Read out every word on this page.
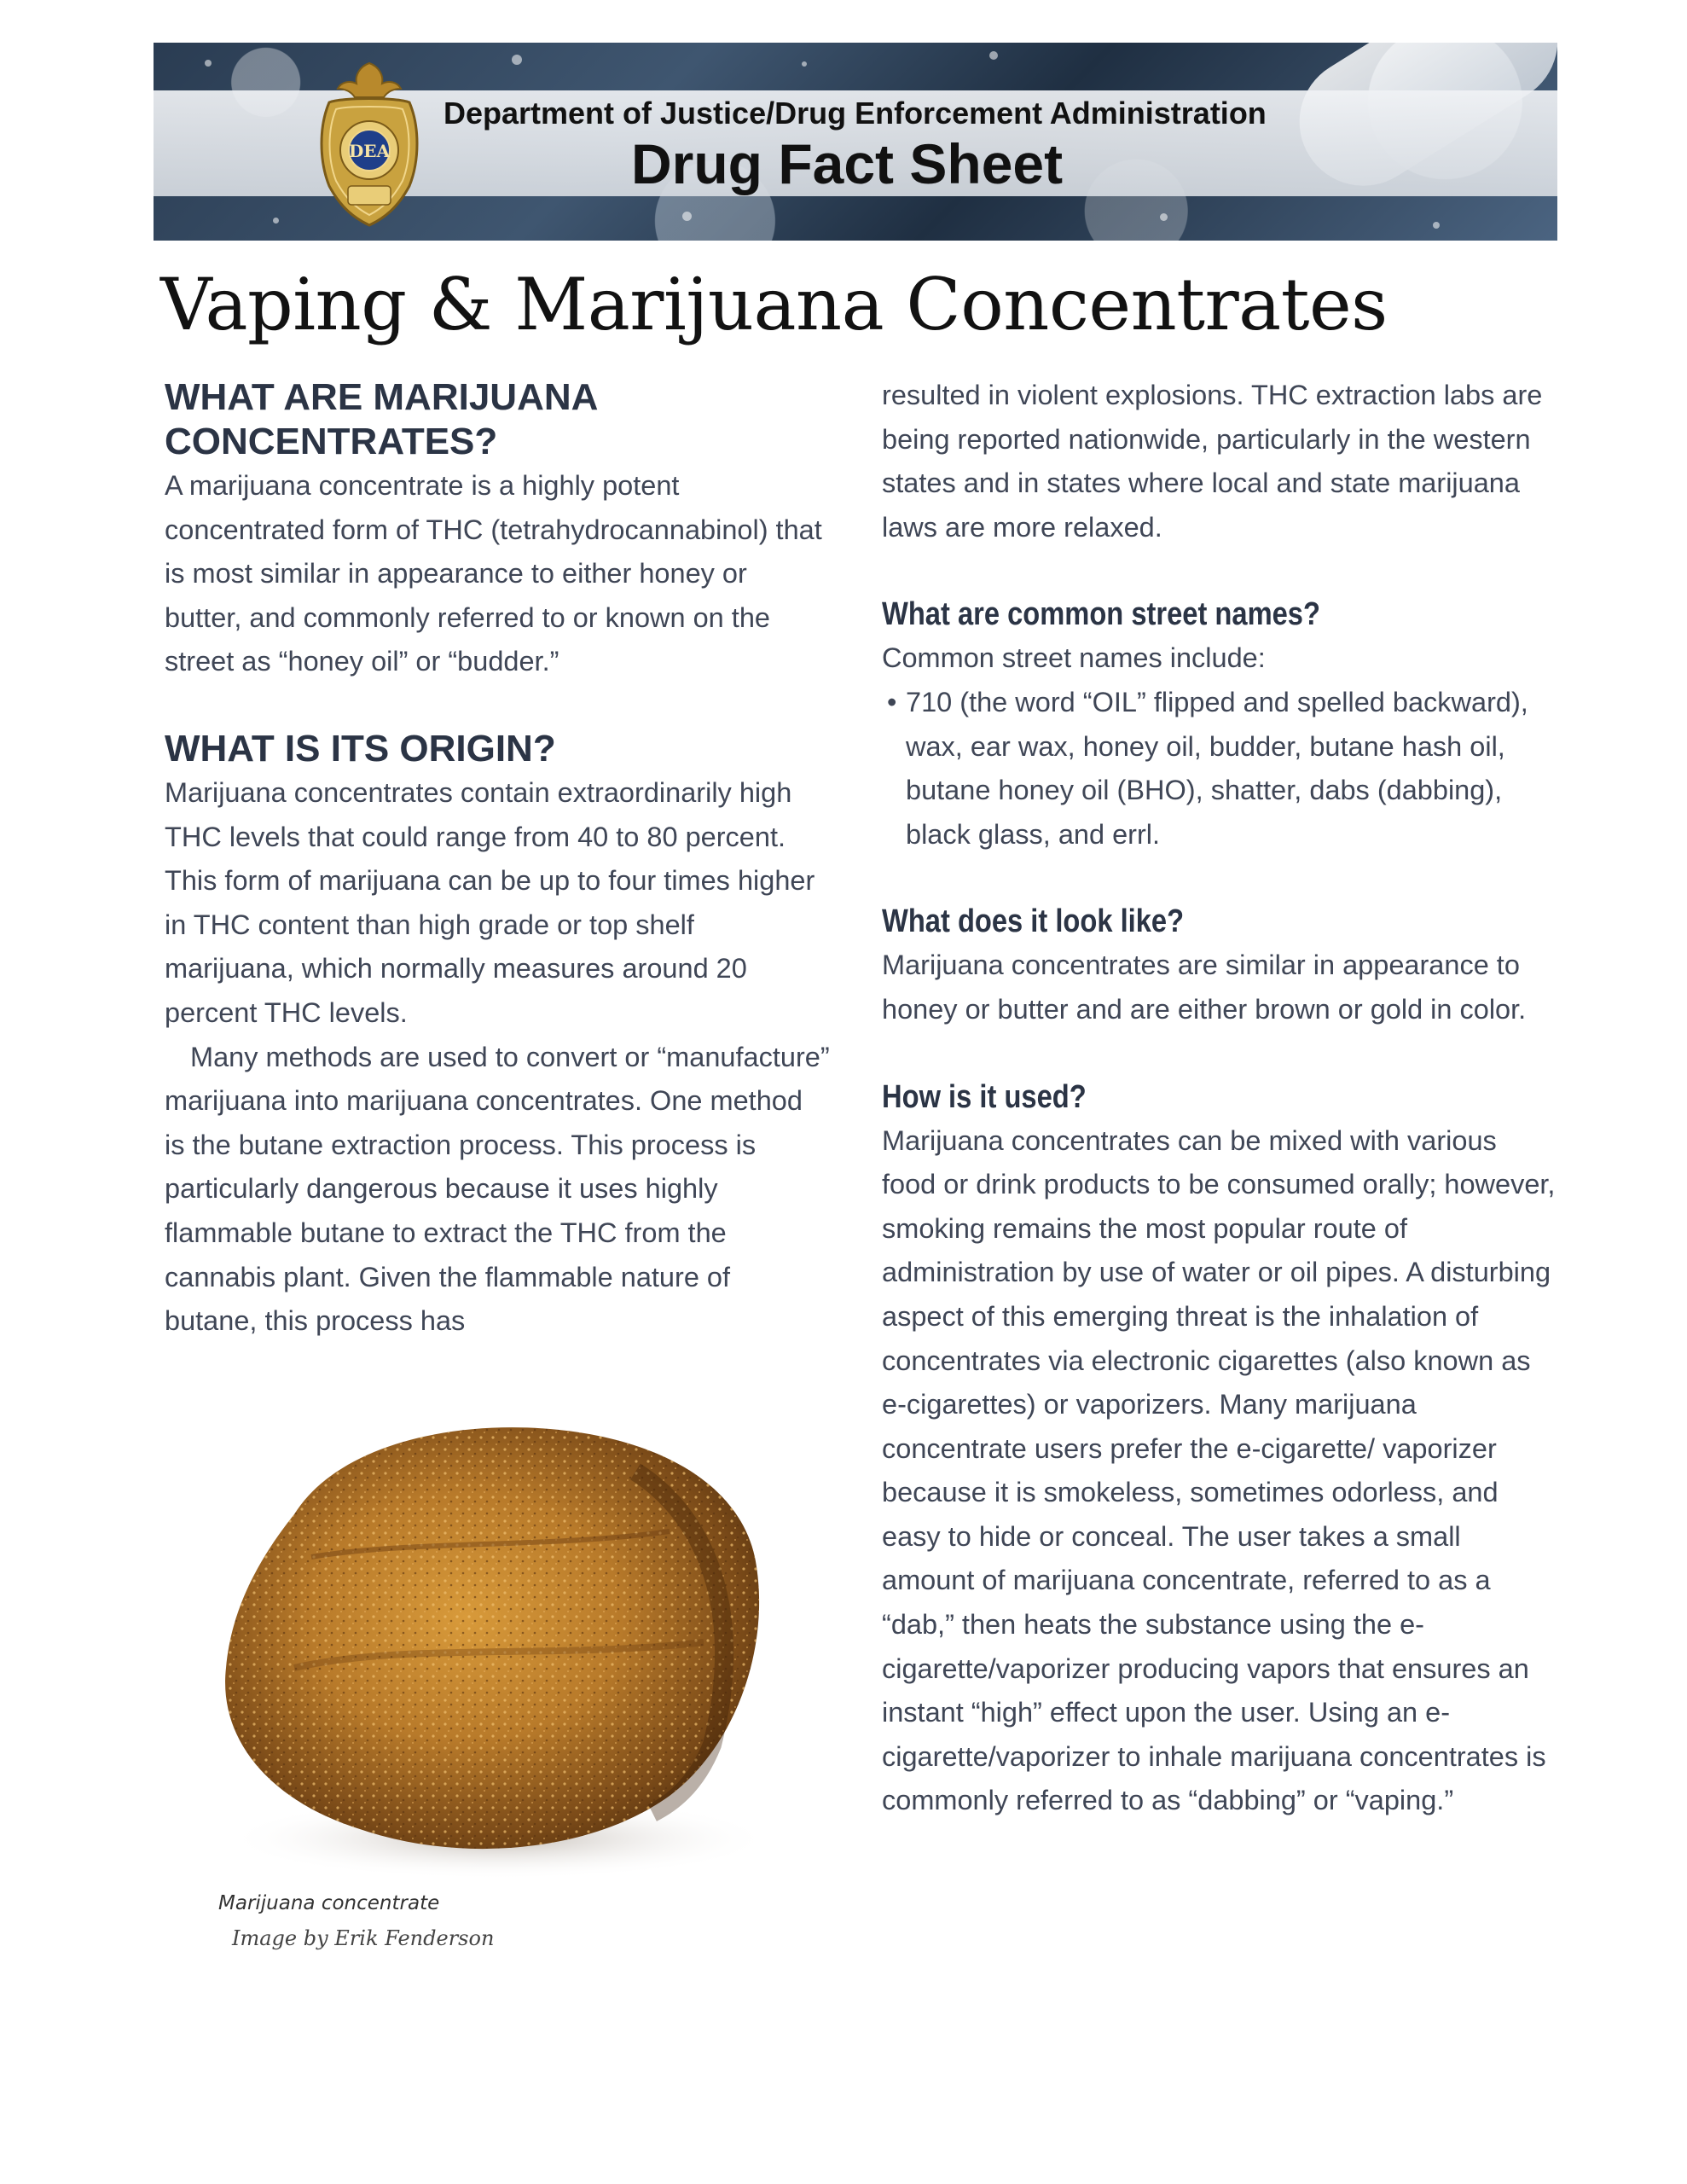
DEA
Department of Justice/Drug Enforcement Administration
Drug Fact Sheet
Vaping & Marijuana Concentrates
WHAT ARE MARIJUANA CONCENTRATES?

A marijuana concentrate is a highly potent concentrated form of THC (tetrahydrocannabinol) that is most similar in appearance to either honey or butter, and commonly referred to or known on the street as “honey oil” or “budder.”

WHAT IS ITS ORIGIN?

Marijuana concentrates contain extraordinarily high THC levels that could range from 40 to 80 percent. This form of marijuana can be up to four times higher in THC content than high grade or top shelf marijuana, which normally measures around 20 percent THC levels.

Many methods are used to convert or “manufacture” marijuana into marijuana concentrates. One method is the butane extraction process. This process is particularly dangerous because it uses highly flammable butane to extract the THC from the cannabis plant. Given the flammable nature of butane, this process has

Marijuana concentrate
Image by Erik Fenderson

resulted in violent explosions. THC extraction labs are being reported nationwide, particularly in the western states and in states where local and state marijuana laws are more relaxed.

What are common street names?

Common street names include:

• 710 (the word “OIL” flipped and spelled backward), wax, ear wax, honey oil, budder, butane hash oil, butane honey oil (BHO), shatter, dabs (dabbing), black glass, and errl.
What does it look like?

Marijuana concentrates are similar in appearance to honey or butter and are either brown or gold in color.

How is it used?

Marijuana concentrates can be mixed with various food or drink products to be consumed orally; however, smoking remains the most popular route of administration by use of water or oil pipes. A disturbing aspect of this emerging threat is the inhalation of concentrates via electronic cigarettes (also known as e-cigarettes) or vaporizers. Many marijuana concentrate users prefer the e-cigarette/ vaporizer because it is smokeless, sometimes odorless, and easy to hide or conceal. The user takes a small amount of marijuana concentrate, referred to as a “dab,” then heats the substance using the e-cigarette/vaporizer producing vapors that ensures an instant “high” effect upon the user. Using an e-cigarette/vaporizer to inhale marijuana concentrates is commonly referred to as “dabbing” or “vaping.”
